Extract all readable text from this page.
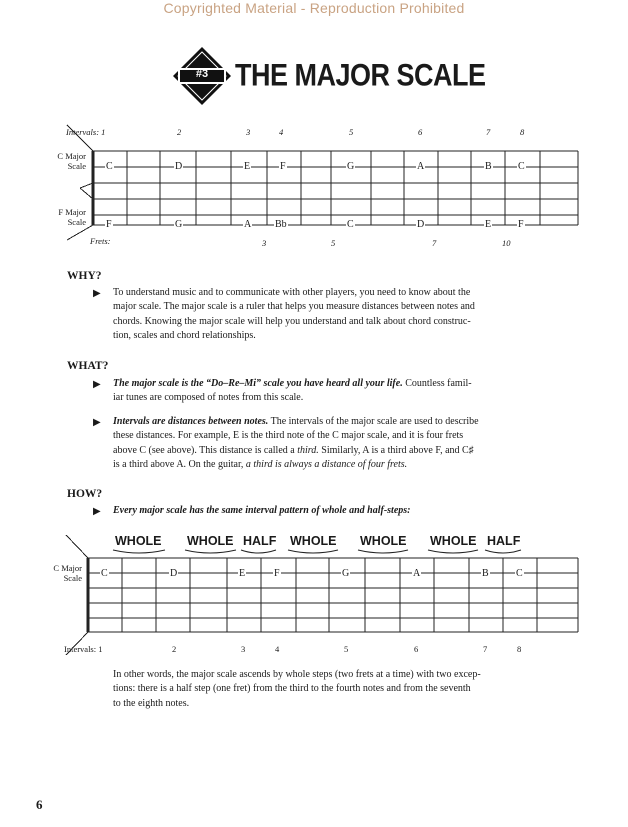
Copyrighted Material - Reproduction Prohibited
#3 THE MAJOR SCALE
Intervals: 1	2	3	4	5	6	7	8
C Major
Scale
F Major
Scale
C	D	E	F	G	A	B	C
F	G	A Bb	C	D	E	F
Frets:	3	5	7	10
WHY?
▶ To understand music and to communicate with other players, you need to know about the
major scale. The major scale is a ruler that helps you measure distances between notes and
chords. Knowing the major scale will help you understand and talk about chord construc-
tion, scales and chord relationships.
WHAT?
▶ The major scale is the “Do–Re–Mi” scale you have heard all your life. Countless famil-
iar tunes are composed of notes from this scale.
▶ Intervals are distances between notes. The intervals of the major scale are used to describe
these distances. For example, E is the third note of the C major scale, and it is four frets
above C (see above). This distance is called a third. Similarly, A is a third above F, and C♯
is a third above A. On the guitar, a third is always a distance of four frets.
HOW?
▶ Every major scale has the same interval pattern of whole and half-steps:
WHOLE WHOLE HALF WHOLE WHOLE WHOLE HALF
C Major
Scale C	D	E	F	G	A	B	C
Intervals: 1	2	3	4	5	6	7	8
In other words, the major scale ascends by whole steps (two frets at a time) with two excep-
tions: there is a half step (one fret) from the third to the fourth notes and from the seventh
to the eighth notes.
6
